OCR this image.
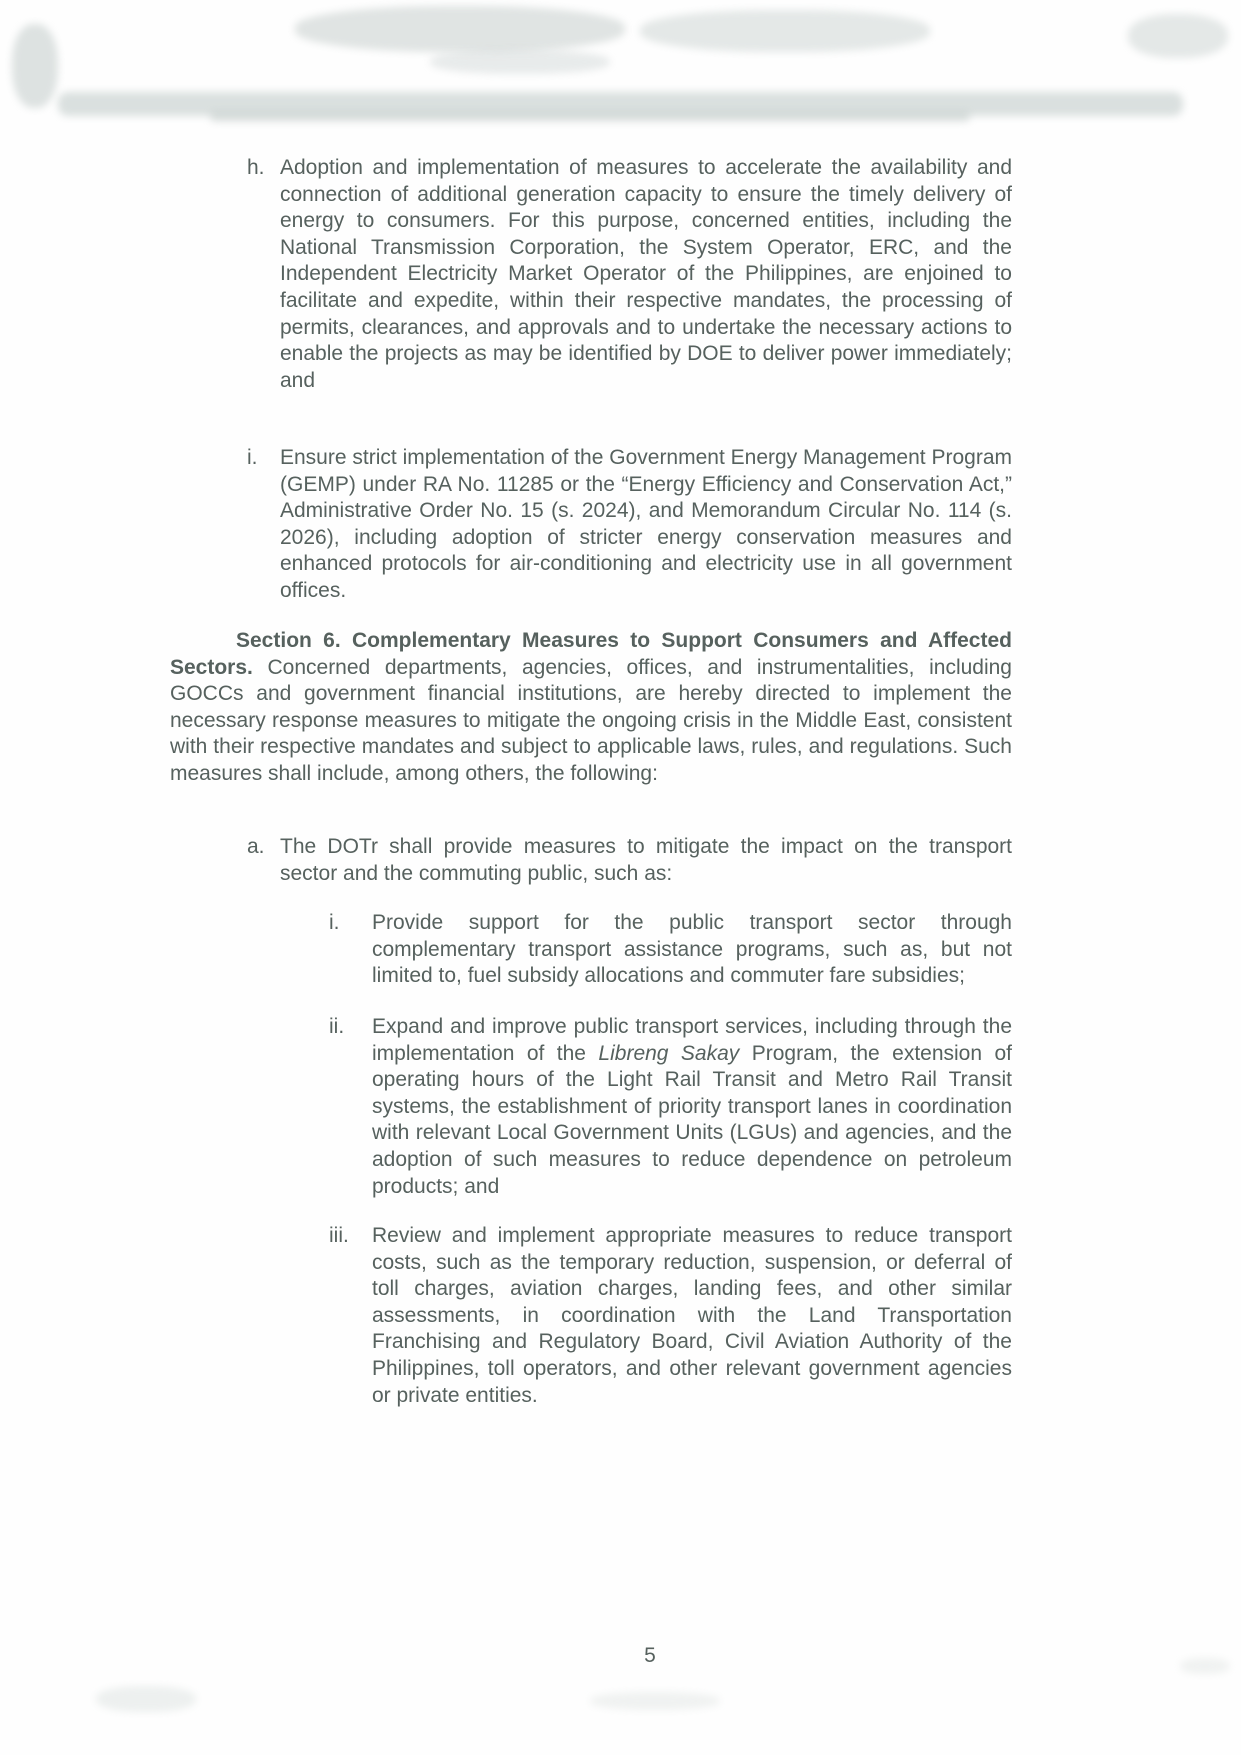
h. Adoption and implementation of measures to accelerate the availability and connection of additional generation capacity to ensure the timely delivery of energy to consumers. For this purpose, concerned entities, including the National Transmission Corporation, the System Operator, ERC, and the Independent Electricity Market Operator of the Philippines, are enjoined to facilitate and expedite, within their respective mandates, the processing of permits, clearances, and approvals and to undertake the necessary actions to enable the projects as may be identified by DOE to deliver power immediately; and

i.	Ensure strict implementation of the Government Energy Management Program (GEMP) under RA No. 11285 or the “Energy Efficiency and Conservation Act,” Administrative Order No. 15 (s. 2024), and Memorandum Circular No. 114 (s. 2026), including adoption of stricter energy conservation measures and enhanced protocols for air-conditioning and electricity use in all government offices.

Section 6. Complementary Measures to Support Consumers and Affected Sectors. Concerned departments, agencies, offices, and instrumentalities, including GOCCs and government financial institutions, are hereby directed to implement the necessary response measures to mitigate the ongoing crisis in the Middle East, consistent with their respective mandates and subject to applicable laws, rules, and regulations. Such measures shall include, among others, the following:

a. The DOTr shall provide measures to mitigate the impact on the transport sector and the commuting public, such as:

i.	Provide support for the public transport sector through complementary transport assistance programs, such as, but not limited to, fuel subsidy allocations and commuter fare subsidies;

ii.	Expand and improve public transport services, including through the implementation of the Libreng Sakay Program, the extension of operating hours of the Light Rail Transit and Metro Rail Transit systems, the establishment of priority transport lanes in coordination with relevant Local Government Units (LGUs) and agencies, and the adoption of such measures to reduce dependence on petroleum products; and

iii.	Review and implement appropriate measures to reduce transport costs, such as the temporary reduction, suspension, or deferral of toll charges, aviation charges, landing fees, and other similar assessments, in coordination with the Land Transportation Franchising and Regulatory Board, Civil Aviation Authority of the Philippines, toll operators, and other relevant government agencies or private entities.

5
